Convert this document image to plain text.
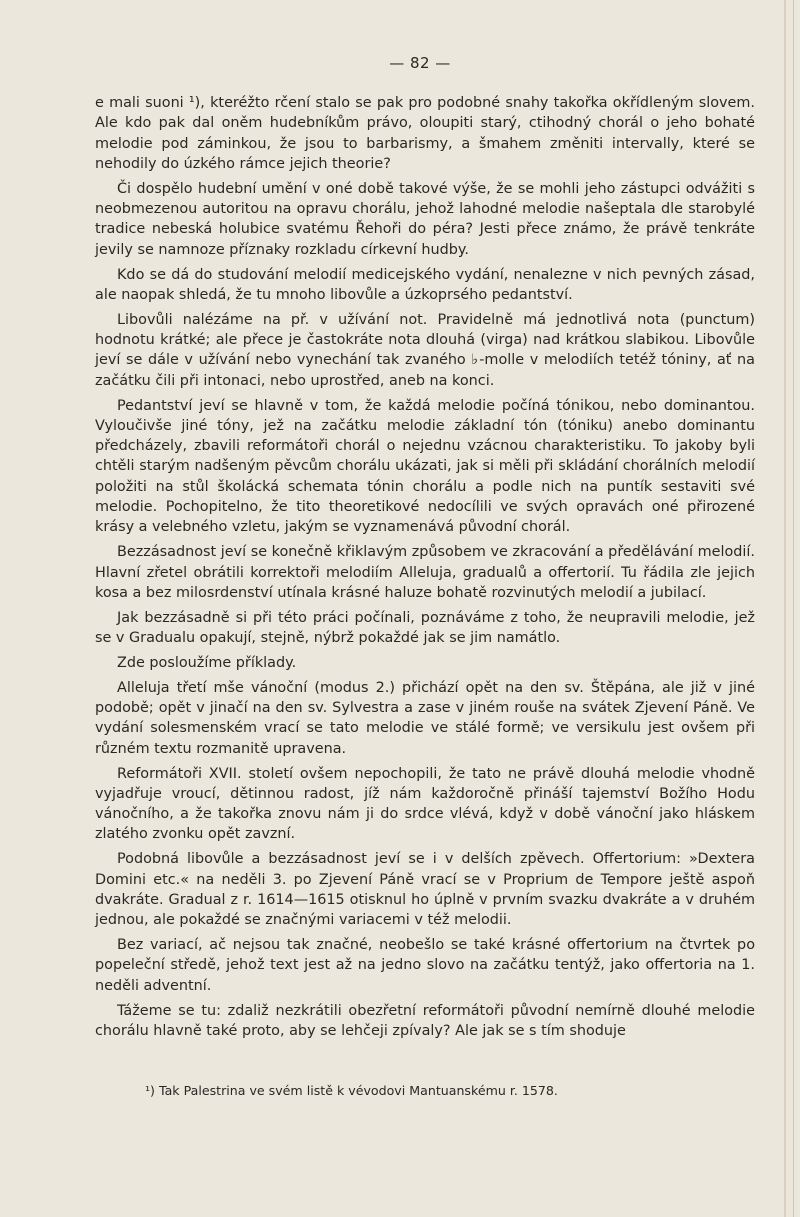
— 82 —

e mali suoni ¹), kteréžto rčení stalo se pak pro podobné snahy takořka okřídleným slovem. Ale kdo pak dal oněm hudebníkům právo, oloupiti starý, ctihodný chorál o jeho bohaté melodie pod záminkou, že jsou to barbarismy, a šmahem změniti intervally, které se nehodily do úzkého rámce jejich theorie?

Či dospělo hudební umění v oné době takové výše, že se mohli jeho zástupci odvážiti s neobmezenou autoritou na opravu chorálu, jehož lahodné melodie našeptala dle starobylé tradice nebeská holubice svatému Řehoři do péra? Jesti přece známo, že právě tenkráte jevily se namnoze příznaky rozkladu církevní hudby.

Kdo se dá do studování melodií medicejského vydání, nenalezne v nich pevných zásad, ale naopak shledá, že tu mnoho libovůle a úzkoprsého pedantství.

Libovůli nalézáme na př. v užívání not. Pravidelně má jednotlivá nota (punctum) hodnotu krátké; ale přece je častokráte nota dlouhá (virga) nad krátkou slabikou. Libovůle jeví se dále v užívání nebo vynechání tak zvaného ♭-molle v melodiích tetéž tóniny, ať na začátku čili při intonaci, nebo uprostřed, aneb na konci.

Pedantství jeví se hlavně v tom, že každá melodie počíná tónikou, nebo dominantou. Vyloučivše jiné tóny, jež na začátku melodie základní tón (tóniku) anebo dominantu předcházely, zbavili reformátoři chorál o nejednu vzácnou charakteristiku. To jakoby byli chtěli starým nadšeným pěvcům chorálu ukázati, jak si měli při skládání chorálních melodií položiti na stůl školácká schemata tónin chorálu a podle nich na puntík sestaviti své melodie. Pochopitelno, že tito theoretikové nedocílili ve svých opravách oné přirozené krásy a velebného vzletu, jakým se vyznamenává původní chorál.

Bezzásadnost jeví se konečně křiklavým způsobem ve zkracování a předělávání melodií. Hlavní zřetel obrátili korrektoři melodiím Alleluja, gradualů a offertorií. Tu řádila zle jejich kosa a bez milosrdenství utínala krásné haluze bohatě rozvinutých melodií a jubilací.

Jak bezzásadně si při této práci počínali, poznáváme z toho, že neupravili melodie, jež se v Gradualu opakují, stejně, nýbrž pokaždé jak se jim namátlo.

Zde posloužíme příklady.

Alleluja třetí mše vánoční (modus 2.) přichází opět na den sv. Štěpána, ale již v jiné podobě; opět v jinačí na den sv. Sylvestra a zase v jiném rouše na svátek Zjevení Páně. Ve vydání solesmenském vrací se tato melodie ve stálé formě; ve versikulu jest ovšem při různém textu rozmanitě upravena.

Reformátoři XVII. století ovšem nepochopili, že tato ne právě dlouhá melodie vhodně vyjadřuje vroucí, dětinnou radost, jíž nám každoročně přináší tajemství Božího Hodu vánočního, a že takořka znovu nám ji do srdce vlévá, když v době vánoční jako hláskem zlatého zvonku opět zavzní.

Podobná libovůle a bezzásadnost jeví se i v delších zpěvech. Offertorium: »Dextera Domini etc.« na neděli 3. po Zjevení Páně vrací se v Proprium de Tempore ještě aspoň dvakráte. Gradual z r. 1614—1615 otisknul ho úplně v prvním svazku dvakráte a v druhém jednou, ale pokaždé se značnými variacemi v též melodii.

Bez variací, ač nejsou tak značné, neobešlo se také krásné offertorium na čtvrtek po popeleční středě, jehož text jest až na jedno slovo na začátku tentýž, jako offertoria na 1. neděli adventní.

Tážeme se tu: zdaliž nezkrátili obezřetní reformátoři původní nemírně dlouhé melodie chorálu hlavně také proto, aby se lehčeji zpívaly? Ale jak se s tím shoduje

¹) Tak Palestrina ve svém listě k vévodovi Mantuanskému r. 1578.
